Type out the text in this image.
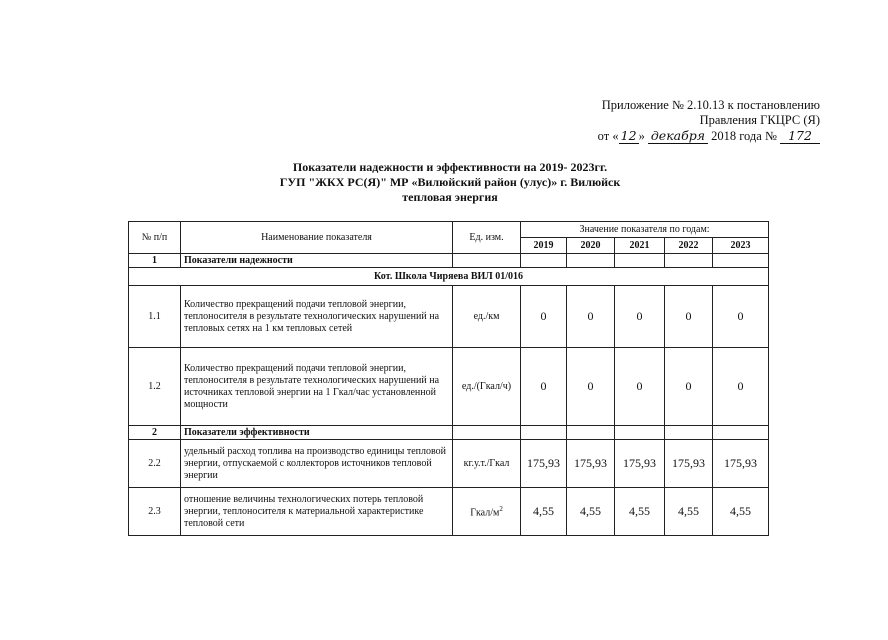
Приложение № 2.10.13 к постановлению
Правления ГКЦРС (Я)
от « 12 » декабря 2018 года № 172
Показатели надежности и эффективности на 2019- 2023гг.
ГУП "ЖКХ РС(Я)" МР «Вилюйский район (улус)» г. Вилюйск
тепловая энергия
№ п/п	Наименование показателя	Ед. изм.	Значение показателя по годам:				
			2019	2020	2021	2022	2023
1	Показатели надежности						
Кот. Школа Чиряева ВИЛ 01/016							
1.1	Количество прекращений подачи тепловой энергии, теплоносителя в результате технологических нарушений на тепловых сетях на 1 км тепловых сетей	ед./км	0	0	0	0	0
1.2	Количество прекращений подачи тепловой энергии, теплоносителя в результате технологических нарушений на источниках тепловой энергии на 1 Гкал/час установленной мощности	ед./(Гкал/ч)	0	0	0	0	0
2	Показатели эффективности						
2.2	удельный расход топлива на производство единицы тепловой энергии, отпускаемой с коллекторов источников тепловой энергии	кг.у.т./Гкал	175,93	175,93	175,93	175,93	175,93
2.3	отношение величины технологических потерь тепловой энергии, теплоносителя к материальной характеристике тепловой сети	Гкал/$м^2$	4,55	4,55	4,55	4,55	4,55
